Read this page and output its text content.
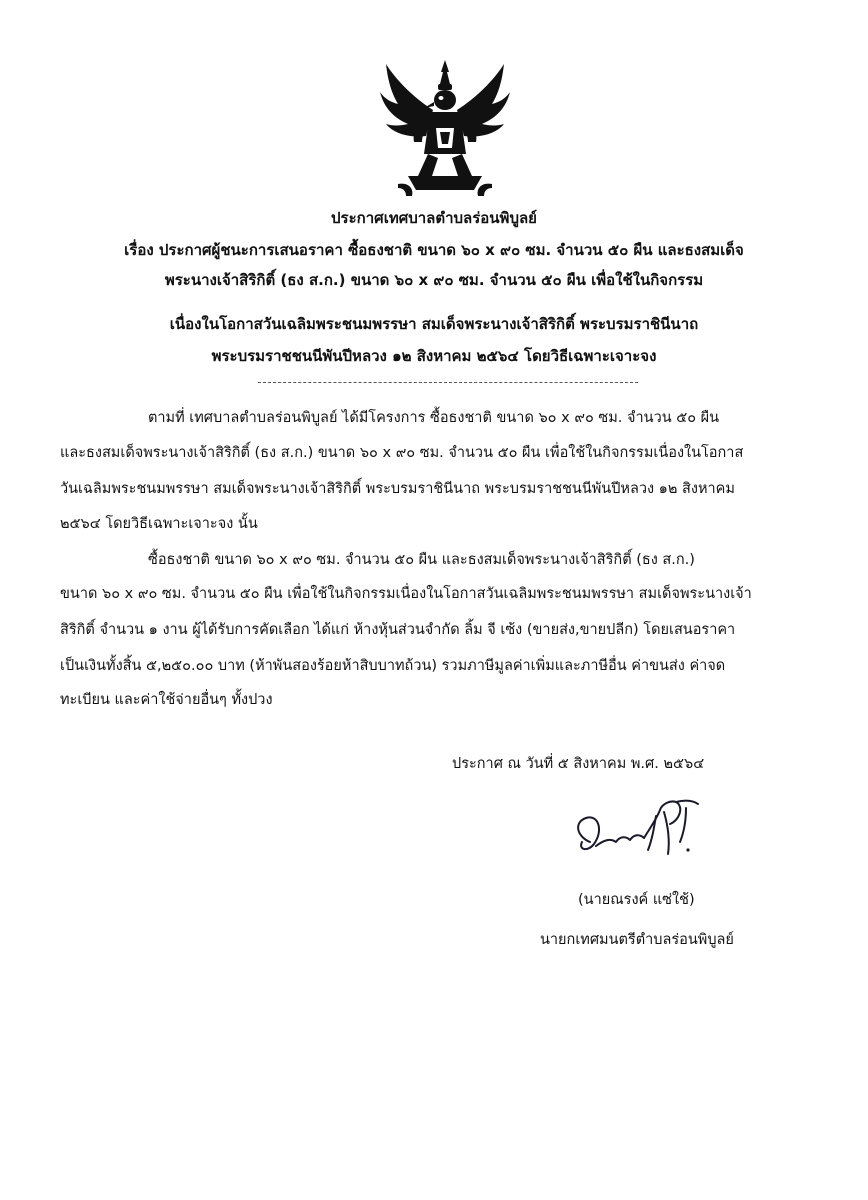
ประกาศเทศบาลตำบลร่อนพิบูลย์
เรื่อง ประกาศผู้ชนะการเสนอราคา ซื้อธงชาติ ขนาด ๖๐ x ๙๐ ซม. จำนวน ๕๐ ผืน และธงสมเด็จ
พระนางเจ้าสิริกิติ์ (ธง ส.ก.) ขนาด ๖๐ x ๙๐ ซม. จำนวน ๕๐ ผืน เพื่อใช้ในกิจกรรม
เนื่องในโอกาสวันเฉลิมพระชนมพรรษา สมเด็จพระนางเจ้าสิริกิติ์ พระบรมราชินีนาถ
พระบรมราชชนนีพันปีหลวง ๑๒ สิงหาคม ๒๕๖๔ โดยวิธีเฉพาะเจาะจง
ตามที่ เทศบาลตำบลร่อนพิบูลย์ ได้มีโครงการ ซื้อธงชาติ ขนาด ๖๐ x ๙๐ ซม. จำนวน ๕๐ ผืน
และธงสมเด็จพระนางเจ้าสิริกิติ์ (ธง ส.ก.) ขนาด ๖๐ x ๙๐ ซม. จำนวน ๕๐ ผืน เพื่อใช้ในกิจกรรมเนื่องในโอกาส
วันเฉลิมพระชนมพรรษา สมเด็จพระนางเจ้าสิริกิติ์ พระบรมราชินีนาถ พระบรมราชชนนีพันปีหลวง ๑๒ สิงหาคม
๒๕๖๔ โดยวิธีเฉพาะเจาะจง นั้น
ซื้อธงชาติ ขนาด ๖๐ x ๙๐ ซม. จำนวน ๕๐ ผืน และธงสมเด็จพระนางเจ้าสิริกิติ์ (ธง ส.ก.)
ขนาด ๖๐ x ๙๐ ซม. จำนวน ๕๐ ผืน เพื่อใช้ในกิจกรรมเนื่องในโอกาสวันเฉลิมพระชนมพรรษา สมเด็จพระนางเจ้า
สิริกิติ์ จำนวน ๑ งาน ผู้ได้รับการคัดเลือก ได้แก่ ห้างหุ้นส่วนจำกัด ลิ้ม จี เซ้ง (ขายส่ง,ขายปลีก) โดยเสนอราคา
เป็นเงินทั้งสิ้น ๕,๒๕๐.๐๐ บาท (ห้าพันสองร้อยห้าสิบบาทถ้วน) รวมภาษีมูลค่าเพิ่มและภาษีอื่น ค่าขนส่ง ค่าจด
ทะเบียน และค่าใช้จ่ายอื่นๆ ทั้งปวง
ประกาศ ณ วันที่ ๕ สิงหาคม พ.ศ. ๒๕๖๔
(นายณรงค์ แซ่ใช้)
นายกเทศมนตรีตำบลร่อนพิบูลย์
